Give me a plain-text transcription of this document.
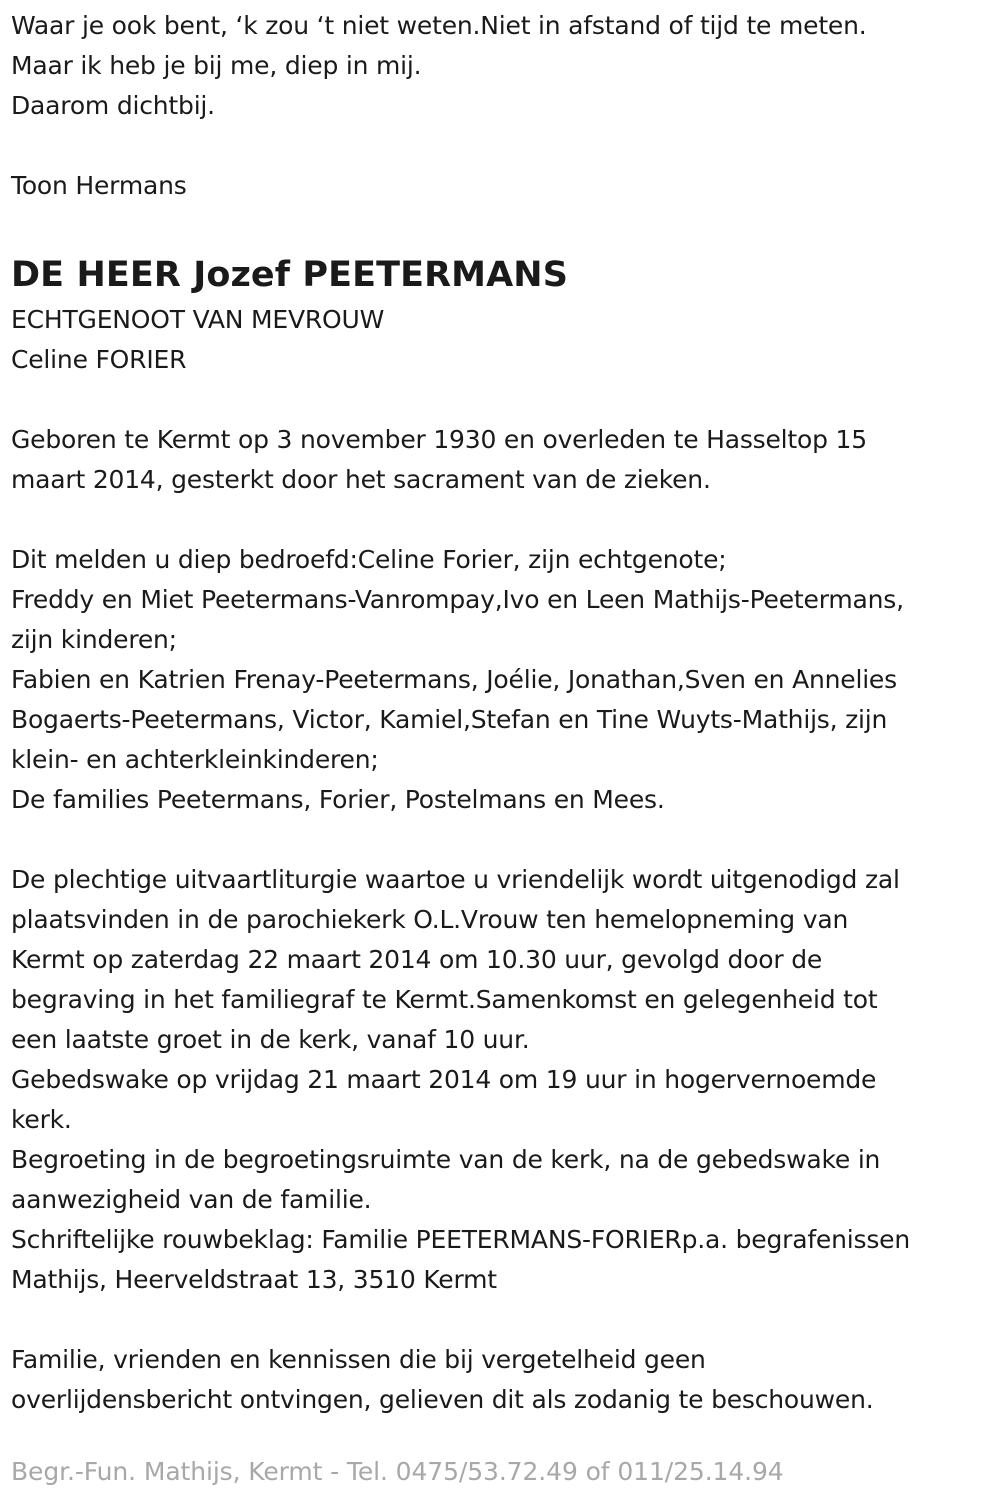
Waar je ook bent, ‘k zou ‘t niet weten.Niet in afstand of tijd te meten.
Maar ik heb je bij me, diep in mij.
Daarom dichtbij.
Toon Hermans
DE HEER Jozef PEETERMANS
ECHTGENOOT VAN MEVROUW
Celine FORIER
Geboren te Kermt op 3 november 1930 en overleden te Hasseltop 15
maart 2014, gesterkt door het sacrament van de zieken.
Dit melden u diep bedroefd:Celine Forier, zijn echtgenote;
Freddy en Miet Peetermans-Vanrompay,Ivo en Leen Mathijs-Peetermans,
zijn kinderen;
Fabien en Katrien Frenay-Peetermans, Joélie, Jonathan,Sven en Annelies
Bogaerts-Peetermans, Victor, Kamiel,Stefan en Tine Wuyts-Mathijs, zijn
klein- en achterkleinkinderen;
De families Peetermans, Forier, Postelmans en Mees.
De plechtige uitvaartliturgie waartoe u vriendelijk wordt uitgenodigd zal
plaatsvinden in de parochiekerk O.L.Vrouw ten hemelopneming van
Kermt op zaterdag 22 maart 2014 om 10.30 uur, gevolgd door de
begraving in het familiegraf te Kermt.Samenkomst en gelegenheid tot
een laatste groet in de kerk, vanaf 10 uur.
Gebedswake op vrijdag 21 maart 2014 om 19 uur in hogervernoemde
kerk.
Begroeting in de begroetingsruimte van de kerk, na de gebedswake in
aanwezigheid van de familie.
Schriftelijke rouwbeklag: Familie PEETERMANS-FORIERp.a. begrafenissen
Mathijs, Heerveldstraat 13, 3510 Kermt
Familie, vrienden en kennissen die bij vergetelheid geen
overlijdensbericht ontvingen, gelieven dit als zodanig te beschouwen.
Begr.-Fun. Mathijs, Kermt - Tel. 0475/53.72.49 of 011/25.14.94
